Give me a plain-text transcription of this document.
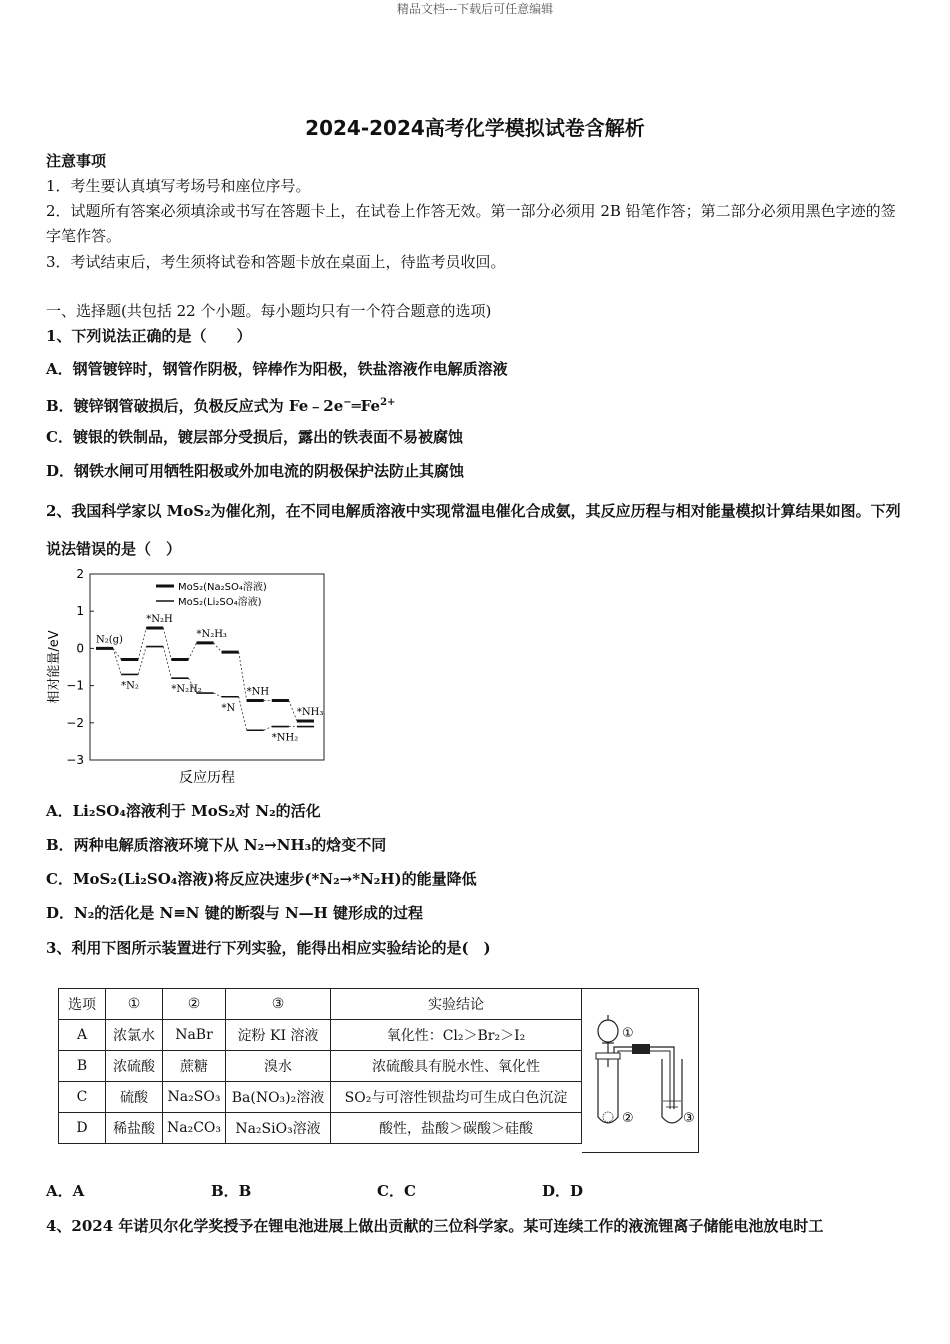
精品文档---下载后可任意编辑
2024-2024高考化学模拟试卷含解析
注意事项
1．考生要认真填写考场号和座位序号。
2．试题所有答案必须填涂或书写在答题卡上，在试卷上作答无效。第一部分必须用 2B 铅笔作答；第二部分必须用黑色字迹的签字笔作答。
3．考试结束后，考生须将试卷和答题卡放在桌面上，待监考员收回。
一、选择题(共包括 22 个小题。每小题均只有一个符合题意的选项)
1、下列说法正确的是（　　）
A．钢管镀锌时，钢管作阴极，锌棒作为阳极，铁盐溶液作电解质溶液
B．镀锌钢管破损后，负极反应式为 $Fe﹣2e^-═Fe^{2+}$
C．镀银的铁制品，镀层部分受损后，露出的铁表面不易被腐蚀
D．钢铁水闸可用牺牲阳极或外加电流的阴极保护法防止其腐蚀
2、我国科学家以 MoS₂为催化剂，在不同电解质溶液中实现常温电催化合成氨，其反应历程与相对能量模拟计算结果如图。下列说法错误的是（　）
2
1
0
−1
−2
−3
相对能量/eV
反应历程
MoS₂(Na₂SO₄溶液)
MoS₂(Li₂SO₄溶液)
N₂(g)
*N₂
*N₂H
*N₂H₂
*N₂H₃
*N
*NH
*NH₂
*NH₃
A．Li₂SO₄溶液利于 MoS₂对 N₂的活化
B．两种电解质溶液环境下从 N₂→NH₃的焓变不同
C．MoS₂(Li₂SO₄溶液)将反应决速步(*N₂→*N₂H)的能量降低
D．N₂的活化是 N≡N 键的断裂与 N—H 键形成的过程
3、利用下图所示装置进行下列实验，能得出相应实验结论的是(　)
选项	①	②	③	实验结论
A	浓氯水	NaBr	淀粉 KI 溶液	氧化性：Cl₂＞Br₂＞I₂
B	浓硫酸	蔗糖	溴水	浓硫酸具有脱水性、氧化性
C	硫酸	Na₂SO₃	Ba(NO₃)₂溶液	SO₂与可溶性钡盐均可生成白色沉淀
D	稀盐酸	Na₂CO₃	Na₂SiO₃溶液	酸性，盐酸＞碳酸＞硅酸
①
②	③
A．A	B．B	C．C	D．D
4、2024 年诺贝尔化学奖授予在锂电池进展上做出贡献的三位科学家。某可连续工作的液流锂离子储能电池放电时工
